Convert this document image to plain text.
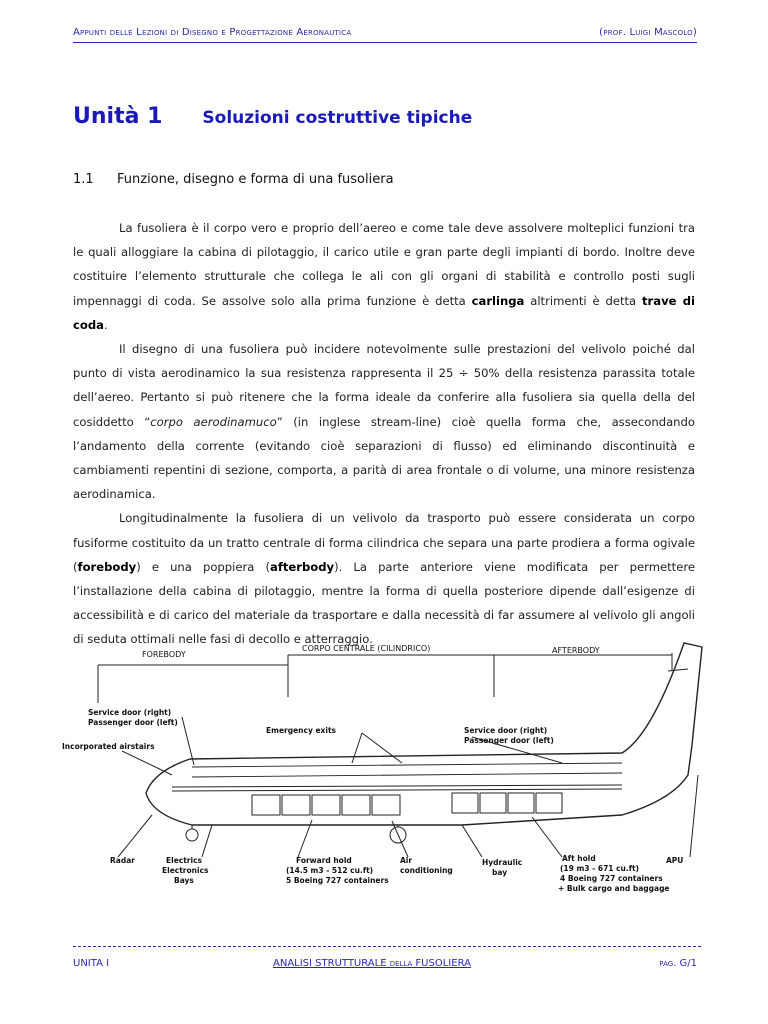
Appunti delle Lezioni di Disegno e Progettazione Aeronautica	(prof. Luigi Mascolo)
Unità 1 Soluzioni costruttive tipiche
1.1 Funzione, disegno e forma di una fusoliera

La fusoliera è il corpo vero e proprio dell’aereo e come tale deve assolvere molteplici funzioni tra le quali alloggiare la cabina di pilotaggio, il carico utile e gran parte degli impianti di bordo. Inoltre deve costituire l’elemento strutturale che collega le ali con gli organi di stabilità e controllo posti sugli impennaggi di coda. Se assolve solo alla prima funzione è detta carlinga altrimenti è detta trave di coda.

Il disegno di una fusoliera può incidere notevolmente sulle prestazioni del velivolo poiché dal punto di vista aerodinamico la sua resistenza rappresenta il 25 ÷ 50% della resistenza parassita totale dell’aereo. Pertanto si può ritenere che la forma ideale da conferire alla fusoliera sia quella della del cosiddetto “corpo aerodinamuco” (in inglese stream-line) cioè quella forma che, assecondando l’andamento della corrente (evitando cioè separazioni di flusso) ed eliminando discontinuità e cambiamenti repentini di sezione, comporta, a parità di area frontale o di volume, una minore resistenza aerodinamica.

Longitudinalmente la fusoliera di un velivolo da trasporto può essere considerata un corpo fusiforme costituito da un tratto centrale di forma cilindrica che separa una parte prodiera a forma ogivale (forebody) e una poppiera (afterbody). La parte anteriore viene modificata per permettere l’installazione della cabina di pilotaggio, mentre la forma di quella posteriore dipende dall’esigenze di accessibilità e di carico del materiale da trasportare e dalla necessità di far assumere al velivolo gli angoli di seduta ottimali nelle fasi di decollo e atterraggio.

FOREBODY
CORPO CENTRALE (CILINDRICO)	AFTERBODY
Service door (right)
Passenger door (left)
Incorporated airstairs
Emergency exits	Service door (right)
Passenger door (left)
Radar	Electrics
Electronics
Bays
Forward hold
(14.5 m3 - 512 cu.ft)
5 Boeing 727 containers
Air
conditioning
Hydraulic
bay
Aft hold
(19 m3 - 671 cu.ft)
4 Boeing 727 containers
+ Bulk cargo and baggage
APU
UNITA I	ANALISI STRUTTURALE della FUSOLIERA	pag. G/1
